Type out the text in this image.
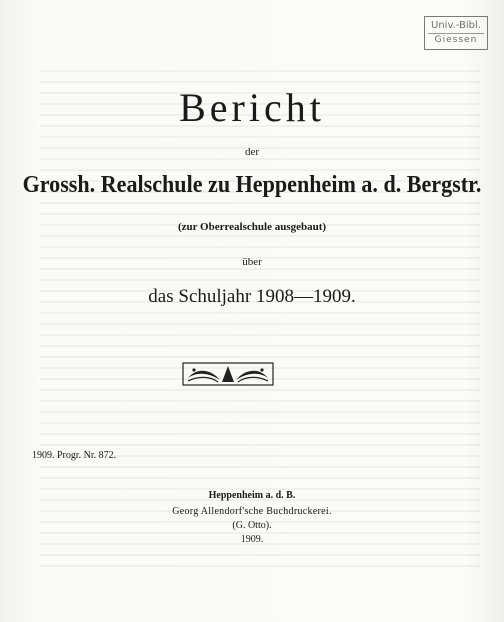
Univ.-Bibl.
Giessen
Bericht
der
Grossh. Realschule zu Heppenheim a. d. Bergstr.
(zur Oberrealschule ausgebaut)
über
das Schuljahr 1908—1909.
1909. Progr. Nr. 872.
Heppenheim a. d. B.
Georg Allendorf'sche Buchdruckerei.
(G. Otto).
1909.
